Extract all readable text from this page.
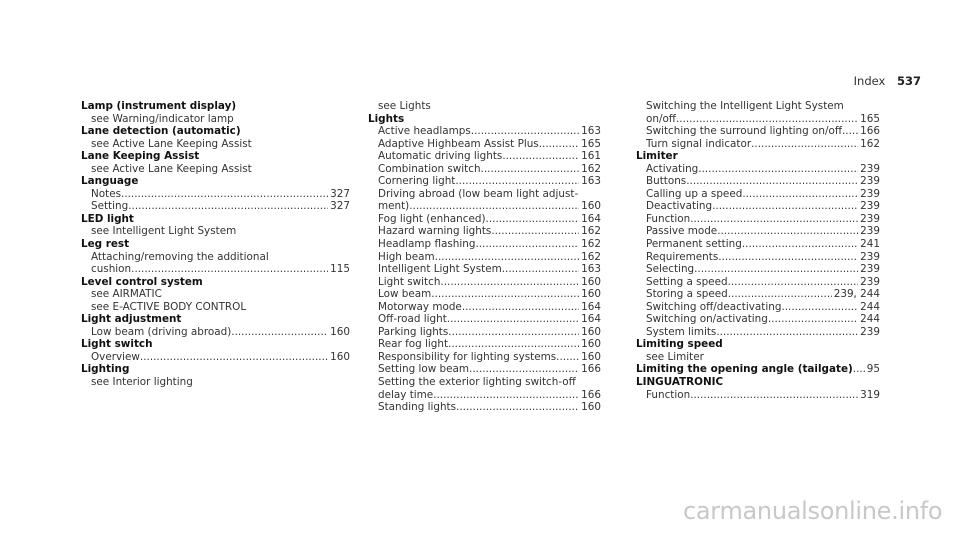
Index 537
Lamp (instrument display)
see Warning/indicator lamp
Lane detection (automatic)
see Active Lane Keeping Assist
Lane Keeping Assist
see Active Lane Keeping Assist
Language
Notes .....	327
Setting .....	327
LED light
see Intelligent Light System
Leg rest
Attaching/removing the additional
cushion .....	115
Level control system
see AIRMATIC
see E-ACTIVE BODY CONTROL
Light adjustment
Low beam (driving abroad) .....	160
Light switch
Overview .....	160
Lighting
see Interior lighting
see Lights
Lights
Active headlamps .....	163
Adaptive Highbeam Assist Plus .....	165
Automatic driving lights .....	161
Combination switch .....	162
Cornering light .....	163
Driving abroad (low beam light adjust-
ment) .....	160
Fog light (enhanced) .....	164
Hazard warning lights .....	162
Headlamp flashing .....	162
High beam .....	162
Intelligent Light System .....	163
Light switch .....	160
Low beam .....	160
Motorway mode .....	164
Off-road light .....	164
Parking lights .....	160
Rear fog light .....	160
Responsibility for lighting systems ..... 160
Setting low beam .....	166
Setting the exterior lighting switch-off
delay time .....	166
Standing lights .....	160
Switching the Intelligent Light System
on/off .....	165
Switching the surround lighting on/off ..... 166
Turn signal indicator .....	162
Limiter
Activating .....	239
Buttons .....	239
Calling up a speed .....	239
Deactivating .....	239
Function .....	239
Passive mode .....	239
Permanent setting .....	241
Requirements .....	239
Selecting .....	239
Setting a speed .....	239
Storing a speed .....	239, 244
Switching off/deactivating .....	244
Switching on/activating .....	244
System limits .....	239
Limiting speed
see Limiter
Limiting the opening angle (tailgate) ..... 95
LINGUATRONIC
Function .....	319
carmanualsonline.info
